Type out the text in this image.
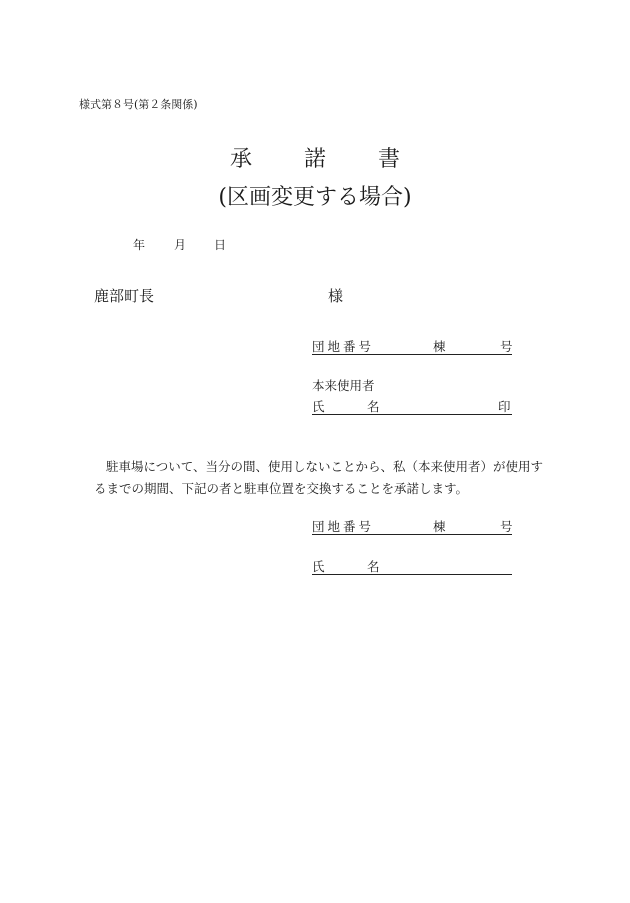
様式第８号(第２条関係)
承 諾 書
(区画変更する場合)
年 月 日
鹿部町長	様
団地番号	棟	号
本来使用者
氏	名	印
駐車場について、当分の間、使用しないことから、私（本来使用者）が使用するまでの期間、下記の者と駐車位置を交換することを承諾します。
団地番号	棟	号
氏	名
